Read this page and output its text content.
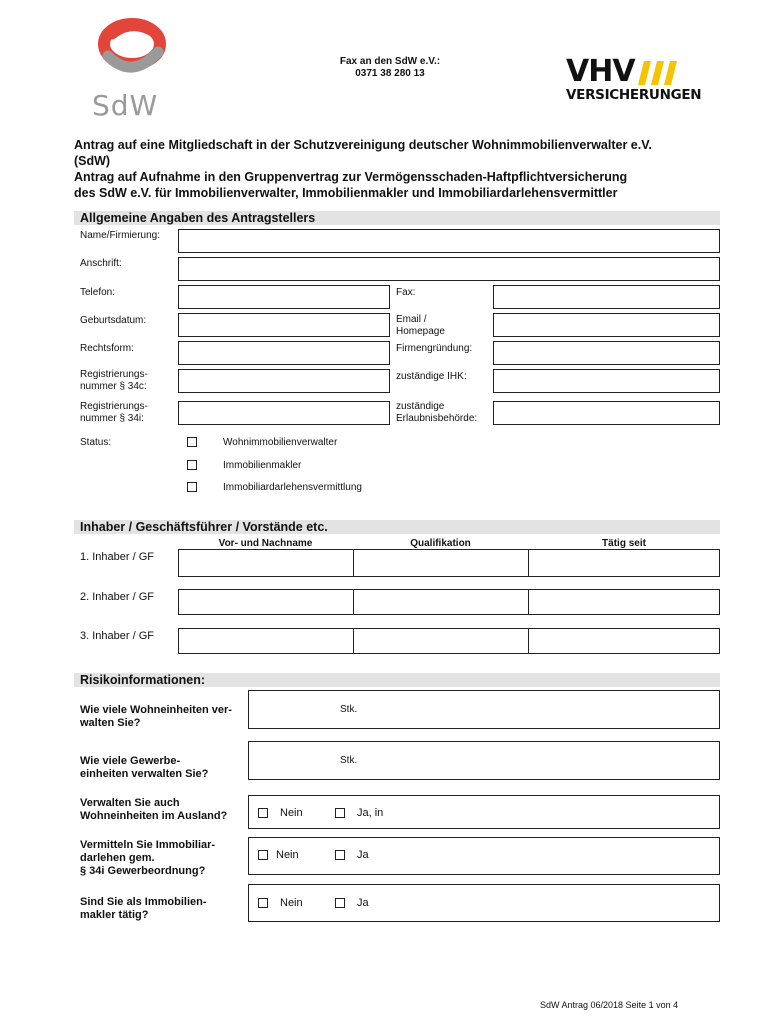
SdW
Fax an den SdW e.V.:
0371 38 280 13	VHV
VERSICHERUNGEN
Antrag auf eine Mitgliedschaft in der Schutzvereinigung deutscher Wohnimmobilienverwalter e.V.
(SdW)
Antrag auf Aufnahme in den Gruppenvertrag zur Vermögensschaden-Haftpflichtversicherung
des SdW e.V. für Immobilienverwalter, Immobilienmakler und Immobiliardarlehensvermittler
Allgemeine Angaben des Antragstellers
Name/Firmierung:
Anschrift:
Telefon:	Fax:
Geburtsdatum:	Email /
Homepage
Rechtsform:	Firmengründung:
Registrierungs-
nummer § 34c:
zuständige IHK:
Registrierungs-
nummer § 34i:
zuständige
Erlaubnisbehörde:
Status:	Wohnimmobilienverwalter
Immobilienmakler
Immobiliardarlehensvermittlung
Inhaber / Geschäftsführer / Vorstände etc.
Vor- und Nachname	Qualifikation	Tätig seit
1. Inhaber / GF
2. Inhaber / GF
3. Inhaber / GF
Risikoinformationen:
Wie viele Wohneinheiten ver-
walten Sie?
Stk.
Wie viele Gewerbe-
einheiten verwalten Sie?
Stk.
Verwalten Sie auch
Wohneinheiten im Ausland?	Nein	Ja, in
Vermitteln Sie Immobiliar-
darlehen gem.
§ 34i Gewerbeordnung?
Nein	Ja
Sind Sie als Immobilien-
makler tätig?
Nein	Ja
SdW Antrag 06/2018 Seite 1 von 4
